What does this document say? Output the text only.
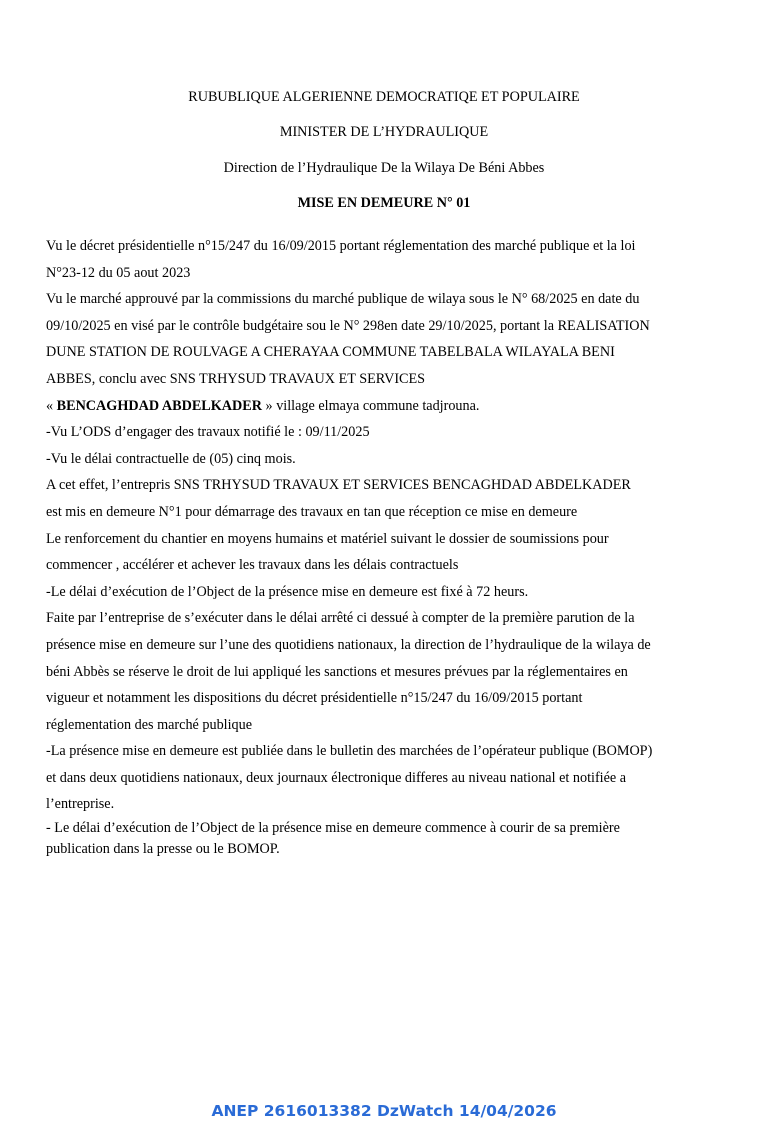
RUBUBLIQUE ALGERIENNE DEMOCRATIQE ET POPULAIRE
MINISTER DE L’HYDRAULIQUE
Direction de l’Hydraulique De la Wilaya De Béni Abbes
MISE EN DEMEURE N° 01
Vu le décret présidentielle n°15/247 du 16/09/2015 portant réglementation des marché publique et la loi
N°23-12 du 05 aout 2023
Vu le marché approuvé par la commissions du marché publique de wilaya sous le N° 68/2025 en date du
09/10/2025 en visé par le contrôle budgétaire sou le N° 298en date 29/10/2025, portant la REALISATION
DUNE STATION DE ROULVAGE A CHERAYAA COMMUNE TABELBALA WILAYALA BENI
ABBES, conclu avec SNS TRHYSUD TRAVAUX ET SERVICES
« BENCAGHDAD ABDELKADER » village elmaya commune tadjrouna.
-Vu L’ODS d’engager des travaux notifié le : 09/11/2025
-Vu le délai contractuelle de (05) cinq mois.
A cet effet, l’entrepris SNS TRHYSUD TRAVAUX ET SERVICES BENCAGHDAD ABDELKADER
est mis en demeure N°1 pour démarrage des travaux en tan que réception ce mise en demeure
Le renforcement du chantier en moyens humains et matériel suivant le dossier de soumissions pour
commencer , accélérer et achever les travaux dans les délais contractuels
-Le délai d’exécution de l’Object de la présence mise en demeure est fixé à 72 heurs.
Faite par l’entreprise de s’exécuter dans le délai arrêté ci dessué à compter de la première parution de la
présence mise en demeure sur l’une des quotidiens nationaux, la direction de l’hydraulique de la wilaya de
béni Abbès se réserve le droit de lui appliqué les sanctions et mesures prévues par la réglementaires en
vigueur et notamment les dispositions du décret présidentielle n°15/247 du 16/09/2015 portant
réglementation des marché publique
-La présence mise en demeure est publiée dans le bulletin des marchées de l’opérateur publique (BOMOP)
et dans deux quotidiens nationaux, deux journaux électronique differes au niveau national et notifiée a
l’entreprise.
- Le délai d’exécution de l’Object de la présence mise en demeure commence à courir de sa première
publication dans la presse ou le BOMOP.
ANEP 2616013382 DzWatch 14/04/2026
